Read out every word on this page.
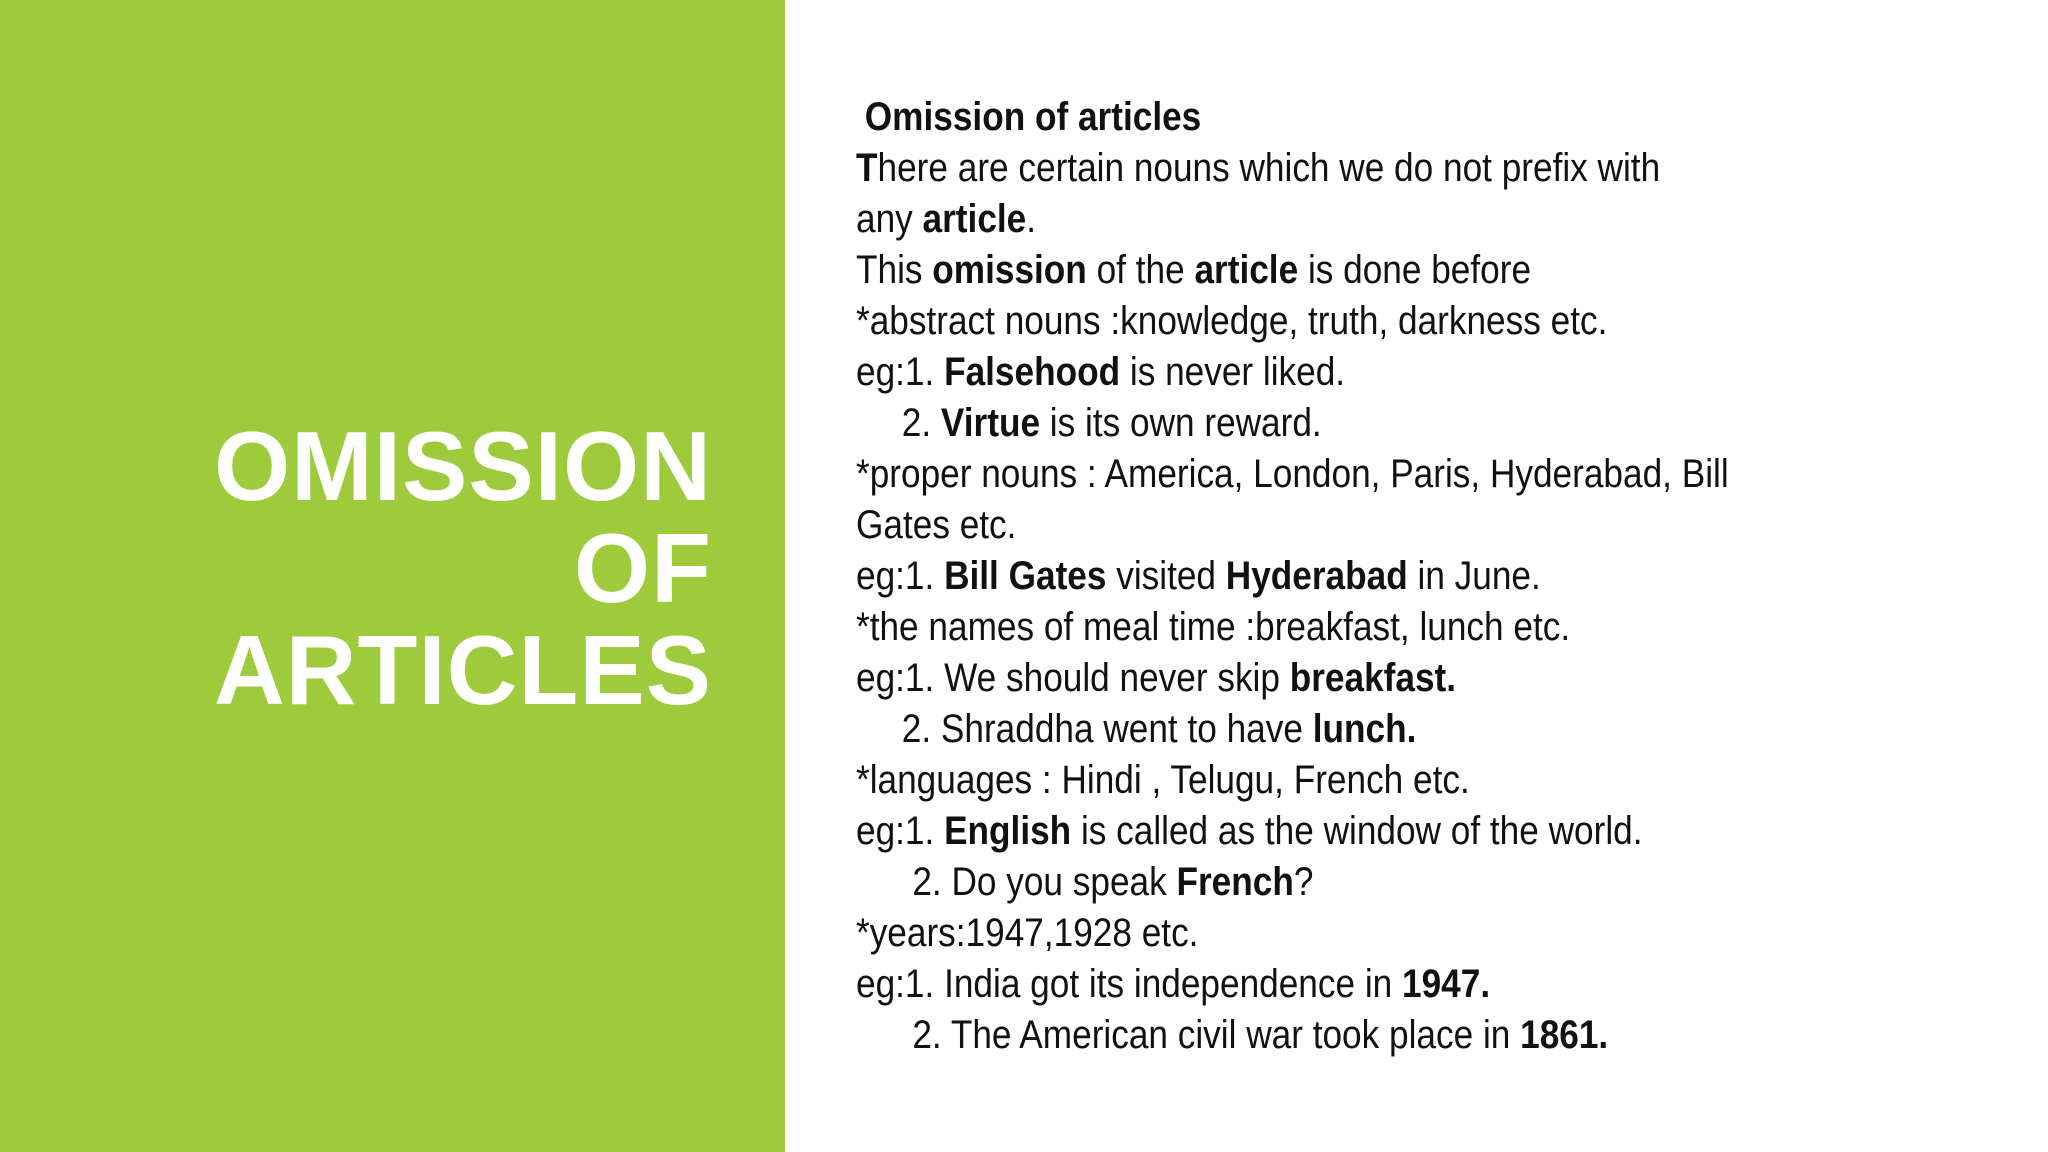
OMISSION
OF
ARTICLES
Omission of articles
There are certain nouns which we do not prefix with
any article.
This omission of the article is done before
*abstract nouns :knowledge, truth, darkness etc.
eg:1. Falsehood is never liked.
2. Virtue is its own reward.
*proper nouns : America, London, Paris, Hyderabad, Bill
Gates etc.
eg:1. Bill Gates visited Hyderabad in June.
*the names of meal time :breakfast, lunch etc.
eg:1. We should never skip breakfast.
2. Shraddha went to have lunch.
*languages : Hindi , Telugu, French etc.
eg:1. English is called as the window of the world.
2. Do you speak French?
*years:1947,1928 etc.
eg:1. India got its independence in 1947.
2. The American civil war took place in 1861.
